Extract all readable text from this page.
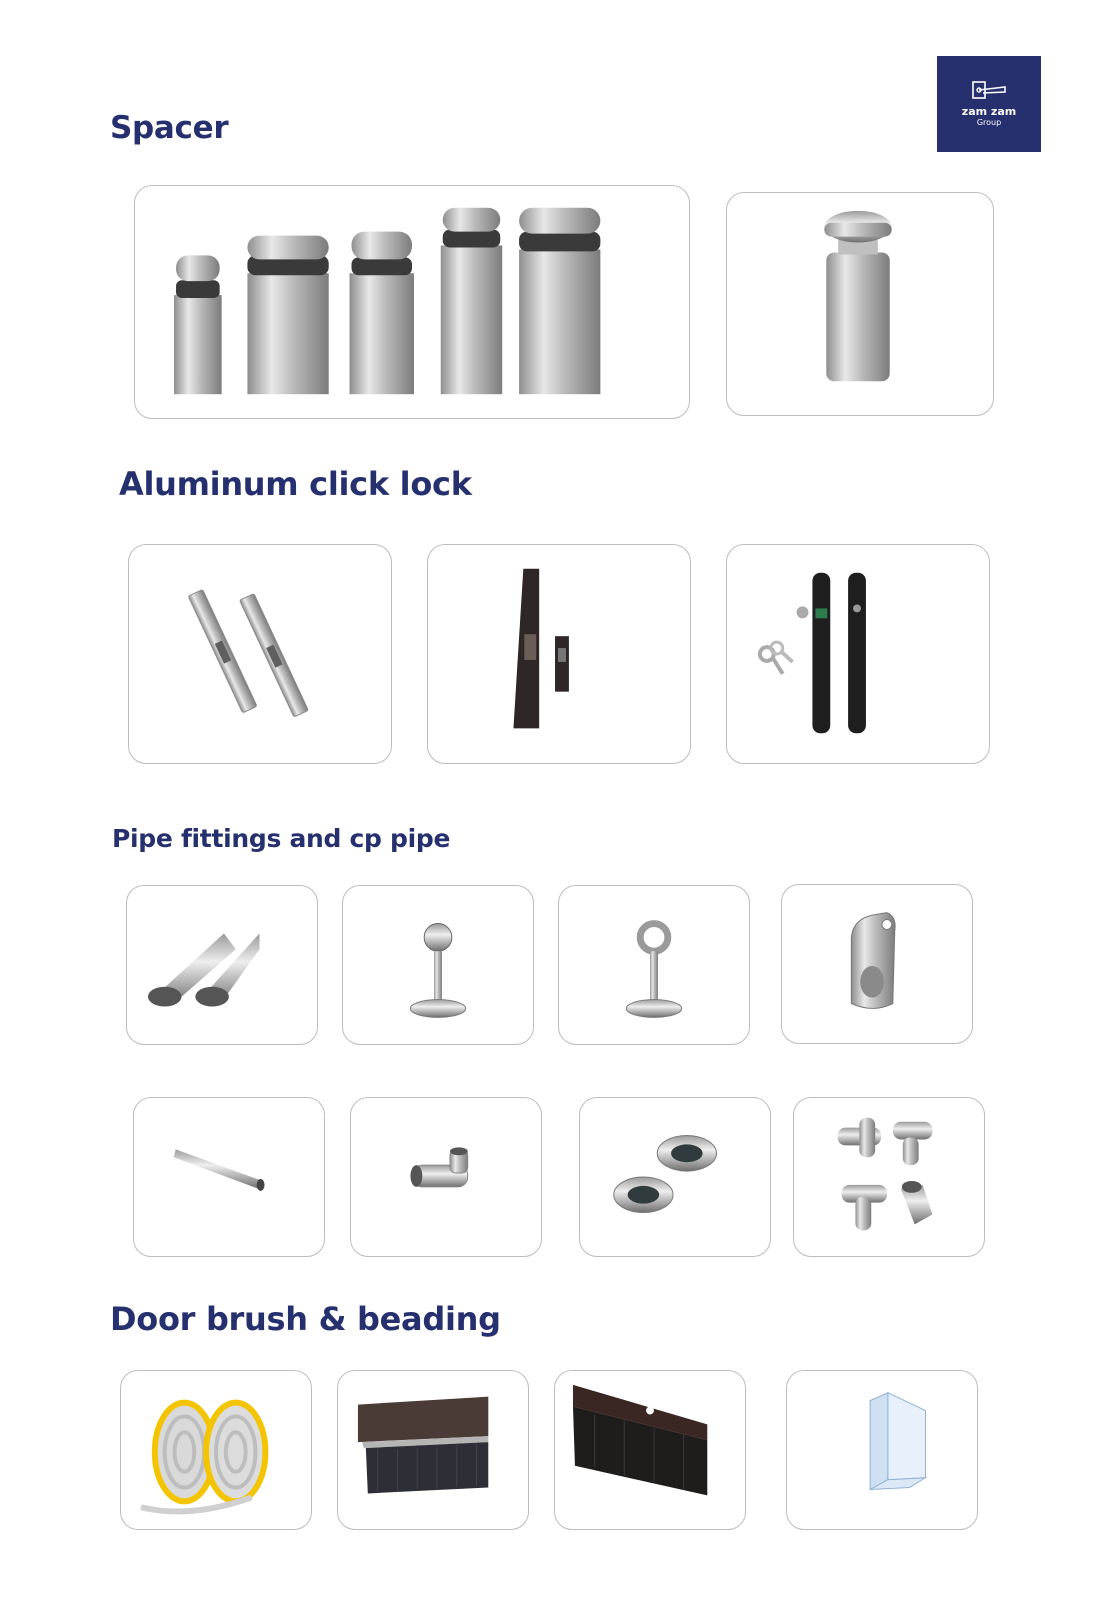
zam zam
Group
Spacer
Aluminum click lock
Pipe fittings and cp pipe
Door brush & beading
